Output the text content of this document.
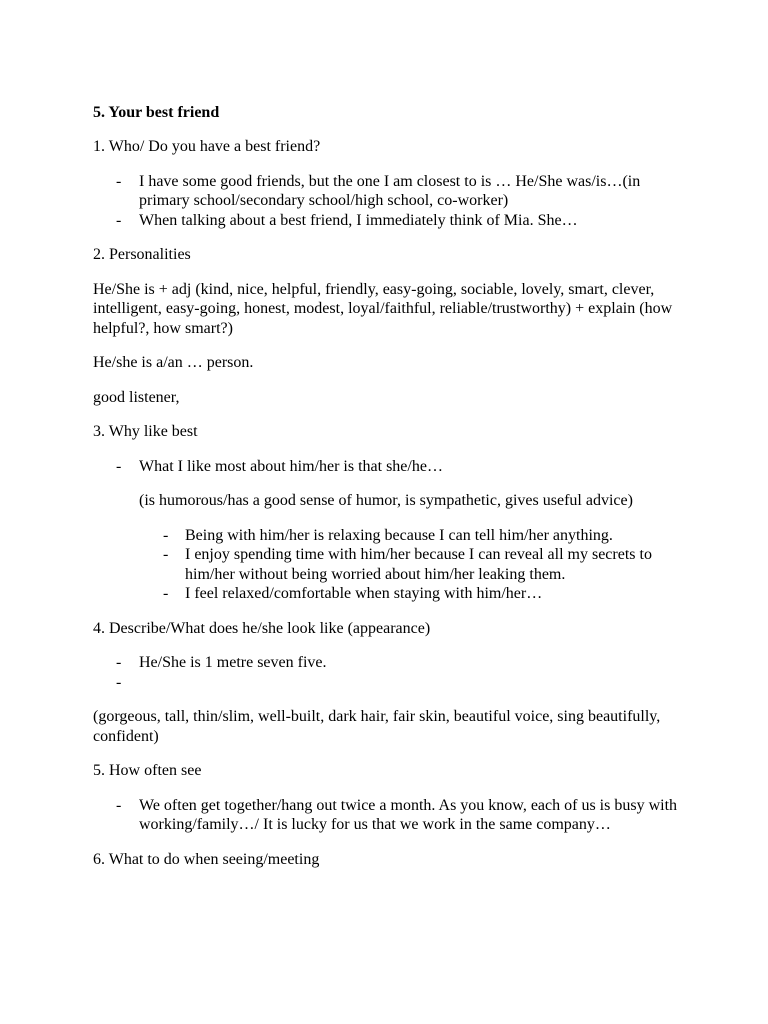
5. Your best friend

1. Who/ Do you have a best friend?

- I have some good friends, but the one I am closest to is … He/She was/is…(in primary school/secondary school/high school, co-worker)
- When talking about a best friend, I immediately think of Mia. She…

2. Personalities

He/She is + adj (kind, nice, helpful, friendly, easy-going, sociable, lovely, smart, clever, intelligent, easy-going, honest, modest, loyal/faithful, reliable/trustworthy) + explain (how helpful?, how smart?)

He/she is a/an … person.

good listener,

3. Why like best

- What I like most about him/her is that she/he…

(is humorous/has a good sense of humor, is sympathetic, gives useful advice)

- Being with him/her is relaxing because I can tell him/her anything.
- I enjoy spending time with him/her because I can reveal all my secrets to him/her without being worried about him/her leaking them.
- I feel relaxed/comfortable when staying with him/her…

4. Describe/What does he/she look like (appearance)

- He/She is 1 metre seven five.
-

(gorgeous, tall, thin/slim, well-built, dark hair, fair skin, beautiful voice, sing beautifully, confident)

5. How often see

- We often get together/hang out twice a month. As you know, each of us is busy with working/family…/ It is lucky for us that we work in the same company…

6. What to do when seeing/meeting
